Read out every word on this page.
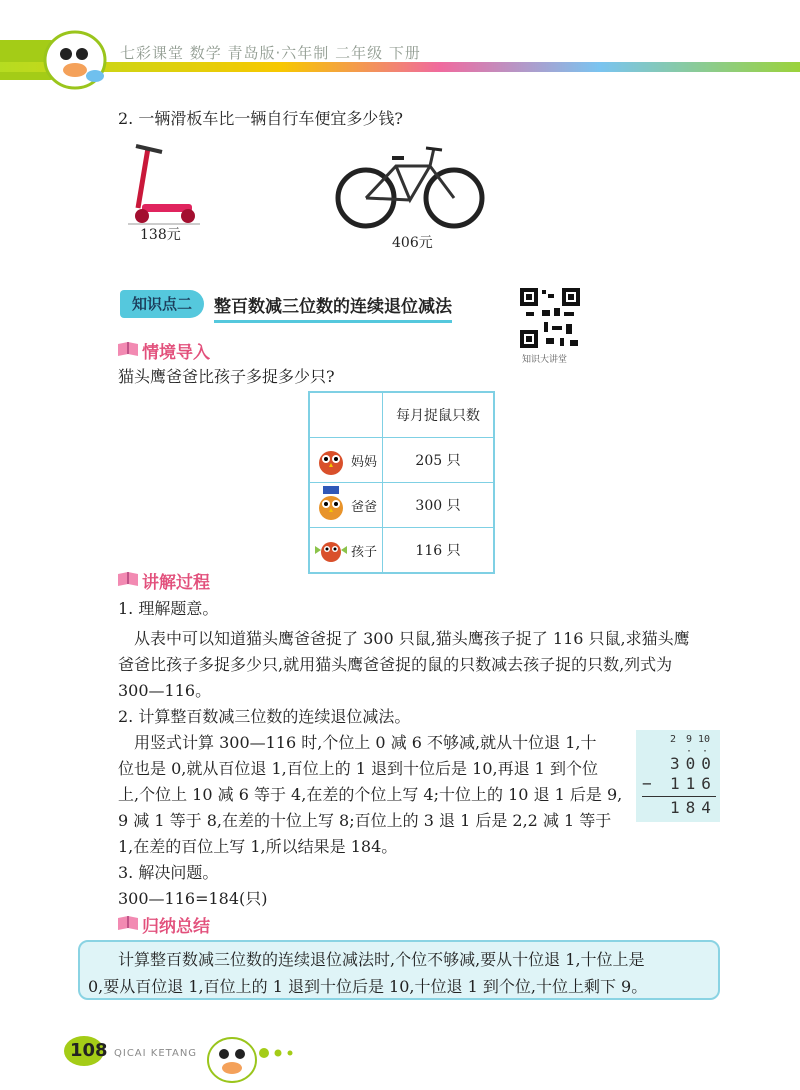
七彩课堂 数学 青岛版·六年制 二年级 下册
2. 一辆滑板车比一辆自行车便宜多少钱?
138元	406元
知识点二	整百数减三位数的连续退位减法
知识大讲堂
情境导入
猫头鹰爸爸比孩子多捉多少只?
	每月捉鼠只数

妈妈	205 只

爸爸	300 只

孩子	116 只
讲解过程
1. 理解题意。
从表中可以知道猫头鹰爸爸捉了 300 只鼠,猫头鹰孩子捉了 116 只鼠,求猫头鹰
爸爸比孩子多捉多少只,就用猫头鹰爸爸捉的鼠的只数减去孩子捉的只数,列式为
300—116。
2. 计算整百数减三位数的连续退位减法。
用竖式计算 300—116 时,个位上 0 减 6 不够减,就从十位退 1,十
位也是 0,就从百位退 1,百位上的 1 退到十位后是 10,再退 1 到个位
上,个位上 10 减 6 等于 4,在差的个位上写 4;十位上的 10 退 1 后是 9,
9 减 1 等于 8,在差的十位上写 8;百位上的 3 退 1 后是 2,2 减 1 等于
1,在差的百位上写 1,所以结果是 184。
2 9 10
· ·
300
− 116
184
3. 解决问题。
300—116=184(只)
归纳总结
计算整百数减三位数的连续退位减法时,个位不够减,要从十位退 1,十位上是
0,要从百位退 1,百位上的 1 退到十位后是 10,十位退 1 到个位,十位上剩下 9。
108 QICAI KETANG
